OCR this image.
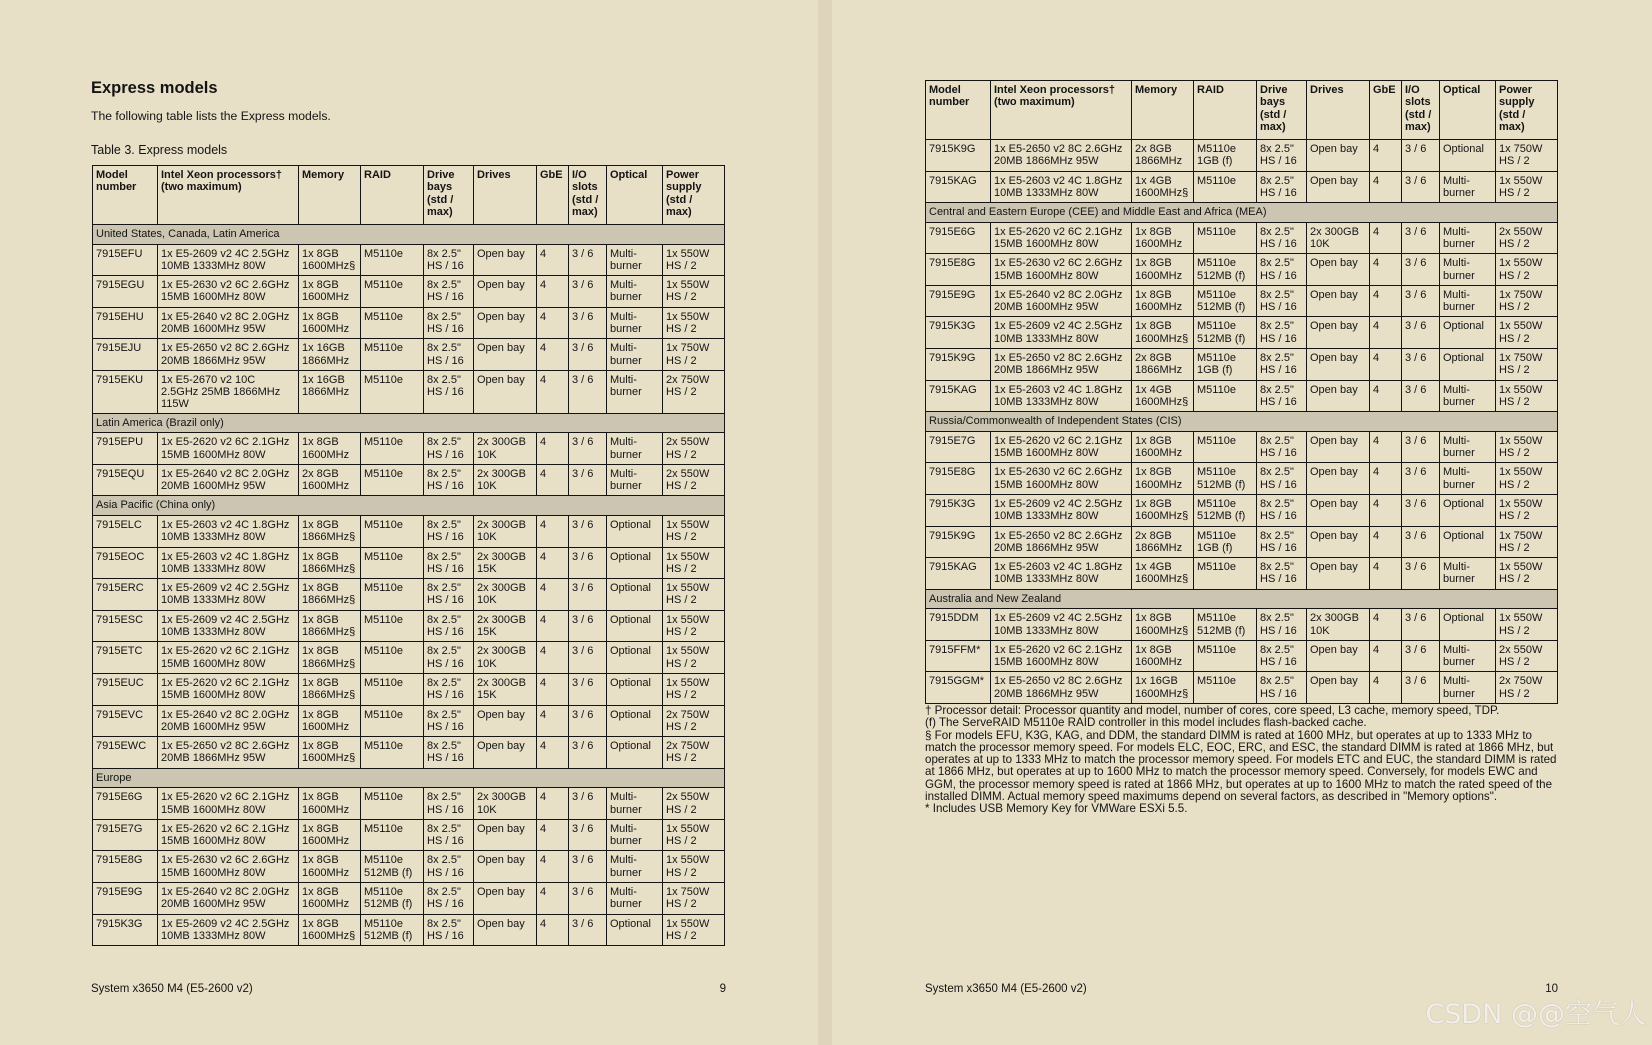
Express models
The following table lists the Express models.
Table 3. Express models
Model
number	Intel Xeon processors†
(two maximum)	Memory	RAID	Drive
bays
(std /
max)	Drives	GbE	I/O
slots
(std /
max)	Optical	Power
supply
(std /
max)
United States, Canada, Latin America									
7915EFU	1x E5-2609 v2 4C 2.5GHz
10MB 1333MHz 80W	1x 8GB
1600MHz§	M5110e	8x 2.5"
HS / 16	Open bay	4	3 / 6	Multi-
burner	1x 550W
HS / 2
7915EGU	1x E5-2630 v2 6C 2.6GHz
15MB 1600MHz 80W	1x 8GB
1600MHz	M5110e	8x 2.5"
HS / 16	Open bay	4	3 / 6	Multi-
burner	1x 550W
HS / 2
7915EHU	1x E5-2640 v2 8C 2.0GHz
20MB 1600MHz 95W	1x 8GB
1600MHz	M5110e	8x 2.5"
HS / 16	Open bay	4	3 / 6	Multi-
burner	1x 550W
HS / 2
7915EJU	1x E5-2650 v2 8C 2.6GHz
20MB 1866MHz 95W	1x 16GB
1866MHz	M5110e	8x 2.5"
HS / 16	Open bay	4	3 / 6	Multi-
burner	1x 750W
HS / 2
7915EKU	1x E5-2670 v2 10C
2.5GHz 25MB 1866MHz
115W	1x 16GB
1866MHz	M5110e	8x 2.5"
HS / 16	Open bay	4	3 / 6	Multi-
burner	2x 750W
HS / 2
Latin America (Brazil only)									
7915EPU	1x E5-2620 v2 6C 2.1GHz
15MB 1600MHz 80W	1x 8GB
1600MHz	M5110e	8x 2.5"
HS / 16	2x 300GB
10K	4	3 / 6	Multi-
burner	2x 550W
HS / 2
7915EQU	1x E5-2640 v2 8C 2.0GHz
20MB 1600MHz 95W	2x 8GB
1600MHz	M5110e	8x 2.5"
HS / 16	2x 300GB
10K	4	3 / 6	Multi-
burner	2x 550W
HS / 2
Asia Pacific (China only)									
7915ELC	1x E5-2603 v2 4C 1.8GHz
10MB 1333MHz 80W	1x 8GB
1866MHz§	M5110e	8x 2.5"
HS / 16	2x 300GB
10K	4	3 / 6	Optional	1x 550W
HS / 2
7915EOC	1x E5-2603 v2 4C 1.8GHz
10MB 1333MHz 80W	1x 8GB
1866MHz§	M5110e	8x 2.5"
HS / 16	2x 300GB
15K	4	3 / 6	Optional	1x 550W
HS / 2
7915ERC	1x E5-2609 v2 4C 2.5GHz
10MB 1333MHz 80W	1x 8GB
1866MHz§	M5110e	8x 2.5"
HS / 16	2x 300GB
10K	4	3 / 6	Optional	1x 550W
HS / 2
7915ESC	1x E5-2609 v2 4C 2.5GHz
10MB 1333MHz 80W	1x 8GB
1866MHz§	M5110e	8x 2.5"
HS / 16	2x 300GB
15K	4	3 / 6	Optional	1x 550W
HS / 2
7915ETC	1x E5-2620 v2 6C 2.1GHz
15MB 1600MHz 80W	1x 8GB
1866MHz§	M5110e	8x 2.5"
HS / 16	2x 300GB
10K	4	3 / 6	Optional	1x 550W
HS / 2
7915EUC	1x E5-2620 v2 6C 2.1GHz
15MB 1600MHz 80W	1x 8GB
1866MHz§	M5110e	8x 2.5"
HS / 16	2x 300GB
15K	4	3 / 6	Optional	1x 550W
HS / 2
7915EVC	1x E5-2640 v2 8C 2.0GHz
20MB 1600MHz 95W	1x 8GB
1600MHz	M5110e	8x 2.5"
HS / 16	Open bay	4	3 / 6	Optional	2x 750W
HS / 2
7915EWC	1x E5-2650 v2 8C 2.6GHz
20MB 1866MHz 95W	1x 8GB
1600MHz§	M5110e	8x 2.5"
HS / 16	Open bay	4	3 / 6	Optional	2x 750W
HS / 2
Europe									
7915E6G	1x E5-2620 v2 6C 2.1GHz
15MB 1600MHz 80W	1x 8GB
1600MHz	M5110e	8x 2.5"
HS / 16	2x 300GB
10K	4	3 / 6	Multi-
burner	2x 550W
HS / 2
7915E7G	1x E5-2620 v2 6C 2.1GHz
15MB 1600MHz 80W	1x 8GB
1600MHz	M5110e	8x 2.5"
HS / 16	Open bay	4	3 / 6	Multi-
burner	1x 550W
HS / 2
7915E8G	1x E5-2630 v2 6C 2.6GHz
15MB 1600MHz 80W	1x 8GB
1600MHz	M5110e
512MB (f)	8x 2.5"
HS / 16	Open bay	4	3 / 6	Multi-
burner	1x 550W
HS / 2
7915E9G	1x E5-2640 v2 8C 2.0GHz
20MB 1600MHz 95W	1x 8GB
1600MHz	M5110e
512MB (f)	8x 2.5"
HS / 16	Open bay	4	3 / 6	Multi-
burner	1x 750W
HS / 2
7915K3G	1x E5-2609 v2 4C 2.5GHz
10MB 1333MHz 80W	1x 8GB
1600MHz§	M5110e
512MB (f)	8x 2.5"
HS / 16	Open bay	4	3 / 6	Optional	1x 550W
HS / 2
System x3650 M4 (E5-2600 v2)	9
Model
number	Intel Xeon processors†
(two maximum)	Memory	RAID	Drive
bays
(std /
max)	Drives	GbE	I/O
slots
(std /
max)	Optical	Power
supply
(std /
max)
7915K9G	1x E5-2650 v2 8C 2.6GHz
20MB 1866MHz 95W	2x 8GB
1866MHz	M5110e
1GB (f)	8x 2.5"
HS / 16	Open bay	4	3 / 6	Optional	1x 750W
HS / 2
7915KAG	1x E5-2603 v2 4C 1.8GHz
10MB 1333MHz 80W	1x 4GB
1600MHz§	M5110e	8x 2.5"
HS / 16	Open bay	4	3 / 6	Multi-
burner	1x 550W
HS / 2
Central and Eastern Europe (CEE) and Middle East and Africa (MEA)									
7915E6G	1x E5-2620 v2 6C 2.1GHz
15MB 1600MHz 80W	1x 8GB
1600MHz	M5110e	8x 2.5"
HS / 16	2x 300GB
10K	4	3 / 6	Multi-
burner	2x 550W
HS / 2
7915E8G	1x E5-2630 v2 6C 2.6GHz
15MB 1600MHz 80W	1x 8GB
1600MHz	M5110e
512MB (f)	8x 2.5"
HS / 16	Open bay	4	3 / 6	Multi-
burner	1x 550W
HS / 2
7915E9G	1x E5-2640 v2 8C 2.0GHz
20MB 1600MHz 95W	1x 8GB
1600MHz	M5110e
512MB (f)	8x 2.5"
HS / 16	Open bay	4	3 / 6	Multi-
burner	1x 750W
HS / 2
7915K3G	1x E5-2609 v2 4C 2.5GHz
10MB 1333MHz 80W	1x 8GB
1600MHz§	M5110e
512MB (f)	8x 2.5"
HS / 16	Open bay	4	3 / 6	Optional	1x 550W
HS / 2
7915K9G	1x E5-2650 v2 8C 2.6GHz
20MB 1866MHz 95W	2x 8GB
1866MHz	M5110e
1GB (f)	8x 2.5"
HS / 16	Open bay	4	3 / 6	Optional	1x 750W
HS / 2
7915KAG	1x E5-2603 v2 4C 1.8GHz
10MB 1333MHz 80W	1x 4GB
1600MHz§	M5110e	8x 2.5"
HS / 16	Open bay	4	3 / 6	Multi-
burner	1x 550W
HS / 2
Russia/Commonwealth of Independent States (CIS)									
7915E7G	1x E5-2620 v2 6C 2.1GHz
15MB 1600MHz 80W	1x 8GB
1600MHz	M5110e	8x 2.5"
HS / 16	Open bay	4	3 / 6	Multi-
burner	1x 550W
HS / 2
7915E8G	1x E5-2630 v2 6C 2.6GHz
15MB 1600MHz 80W	1x 8GB
1600MHz	M5110e
512MB (f)	8x 2.5"
HS / 16	Open bay	4	3 / 6	Multi-
burner	1x 550W
HS / 2
7915K3G	1x E5-2609 v2 4C 2.5GHz
10MB 1333MHz 80W	1x 8GB
1600MHz§	M5110e
512MB (f)	8x 2.5"
HS / 16	Open bay	4	3 / 6	Optional	1x 550W
HS / 2
7915K9G	1x E5-2650 v2 8C 2.6GHz
20MB 1866MHz 95W	2x 8GB
1866MHz	M5110e
1GB (f)	8x 2.5"
HS / 16	Open bay	4	3 / 6	Optional	1x 750W
HS / 2
7915KAG	1x E5-2603 v2 4C 1.8GHz
10MB 1333MHz 80W	1x 4GB
1600MHz§	M5110e	8x 2.5"
HS / 16	Open bay	4	3 / 6	Multi-
burner	1x 550W
HS / 2
Australia and New Zealand									
7915DDM	1x E5-2609 v2 4C 2.5GHz
10MB 1333MHz 80W	1x 8GB
1600MHz§	M5110e
512MB (f)	8x 2.5"
HS / 16	2x 300GB
10K	4	3 / 6	Optional	1x 550W
HS / 2
7915FFM*	1x E5-2620 v2 6C 2.1GHz
15MB 1600MHz 80W	1x 8GB
1600MHz	M5110e	8x 2.5"
HS / 16	Open bay	4	3 / 6	Multi-
burner	2x 550W
HS / 2
7915GGM*	1x E5-2650 v2 8C 2.6GHz
20MB 1866MHz 95W	1x 16GB
1600MHz§	M5110e	8x 2.5"
HS / 16	Open bay	4	3 / 6	Multi-
burner	2x 750W
HS / 2

† Processor detail: Processor quantity and model, number of cores, core speed, L3 cache, memory speed, TDP.

(f) The ServeRAID M5110e RAID controller in this model includes flash-backed cache.

§ For models EFU, K3G, KAG, and DDM, the standard DIMM is rated at 1600 MHz, but operates at up to 1333 MHz to match the processor memory speed. For models ELC, EOC, ERC, and ESC, the standard DIMM is rated at 1866 MHz, but operates at up to 1333 MHz to match the processor memory speed. For models ETC and EUC, the standard DIMM is rated at 1866 MHz, but operates at up to 1600 MHz to match the processor memory speed. Conversely, for models EWC and GGM, the processor memory speed is rated at 1866 MHz, but operates at up to 1600 MHz to match the rated speed of the installed DIMM. Actual memory speed maximums depend on several factors, as described in "Memory options".

* Includes USB Memory Key for VMWare ESXi 5.5.

System x3650 M4 (E5-2600 v2)	10
CSDN @@空气人
